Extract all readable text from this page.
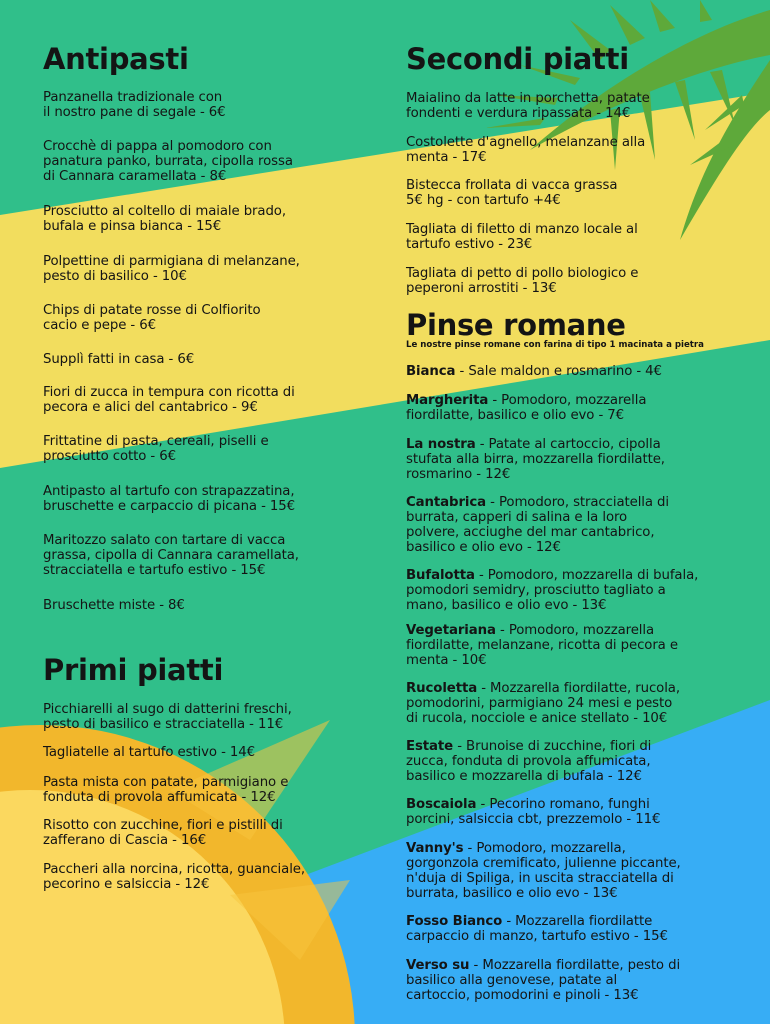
Antipasti

Panzanella tradizionale con
il nostro pane di segale - 6€

Crocchè di pappa al pomodoro con
panatura panko, burrata, cipolla rossa
di Cannara caramellata - 8€

Prosciutto al coltello di maiale brado,
bufala e pinsa bianca - 15€

Polpettine di parmigiana di melanzane,
pesto di basilico - 10€

Chips di patate rosse di Colfiorito
cacio e pepe - 6€

Supplì fatti in casa - 6€

Fiori di zucca in tempura con ricotta di
pecora e alici del cantabrico - 9€

Frittatine di pasta, cereali, piselli e
prosciutto cotto - 6€

Antipasto al tartufo con strapazzatina,
bruschette e carpaccio di picana - 15€

Maritozzo salato con tartare di vacca
grassa, cipolla di Cannara caramellata,
stracciatella e tartufo estivo - 15€

Bruschette miste - 8€

Primi piatti

Picchiarelli al sugo di datterini freschi,
pesto di basilico e stracciatella - 11€

Tagliatelle al tartufo estivo - 14€

Pasta mista con patate, parmigiano e
fonduta di provola affumicata - 12€

Risotto con zucchine, fiori e pistilli di
zafferano di Cascia - 16€

Paccheri alla norcina, ricotta, guanciale,
pecorino e salsiccia - 12€

Secondi piatti

Maialino da latte in porchetta, patate
fondenti e verdura ripassata - 14€

Costolette d'agnello, melanzane alla
menta - 17€

Bistecca frollata di vacca grassa
5€ hg - con tartufo +4€

Tagliata di filetto di manzo locale al
tartufo estivo - 23€

Tagliata di petto di pollo biologico e
peperoni arrostiti - 13€

Pinse romane

Le nostre pinse romane con farina di tipo 1 macinata a pietra

Bianca - Sale maldon e rosmarino - 4€

Margherita - Pomodoro, mozzarella
fiordilatte, basilico e olio evo - 7€

La nostra - Patate al cartoccio, cipolla
stufata alla birra, mozzarella fiordilatte,
rosmarino - 12€

Cantabrica - Pomodoro, stracciatella di
burrata, capperi di salina e la loro
polvere, acciughe del mar cantabrico,
basilico e olio evo - 12€

Bufalotta - Pomodoro, mozzarella di bufala,
pomodori semidry, prosciutto tagliato a
mano, basilico e olio evo - 13€

Vegetariana - Pomodoro, mozzarella
fiordilatte, melanzane, ricotta di pecora e
menta - 10€

Rucoletta - Mozzarella fiordilatte, rucola,
pomodorini, parmigiano 24 mesi e pesto
di rucola, nocciole e anice stellato - 10€

Estate - Brunoise di zucchine, fiori di
zucca, fonduta di provola affumicata,
basilico e mozzarella di bufala - 12€

Boscaiola - Pecorino romano, funghi
porcini, salsiccia cbt, prezzemolo - 11€

Vanny's - Pomodoro, mozzarella,
gorgonzola cremificato, julienne piccante,
n'duja di Spiliga, in uscita stracciatella di
burrata, basilico e olio evo - 13€

Fosso Bianco - Mozzarella fiordilatte
carpaccio di manzo, tartufo estivo - 15€

Verso su - Mozzarella fiordilatte, pesto di
basilico alla genovese, patate al
cartoccio, pomodorini e pinoli - 13€
